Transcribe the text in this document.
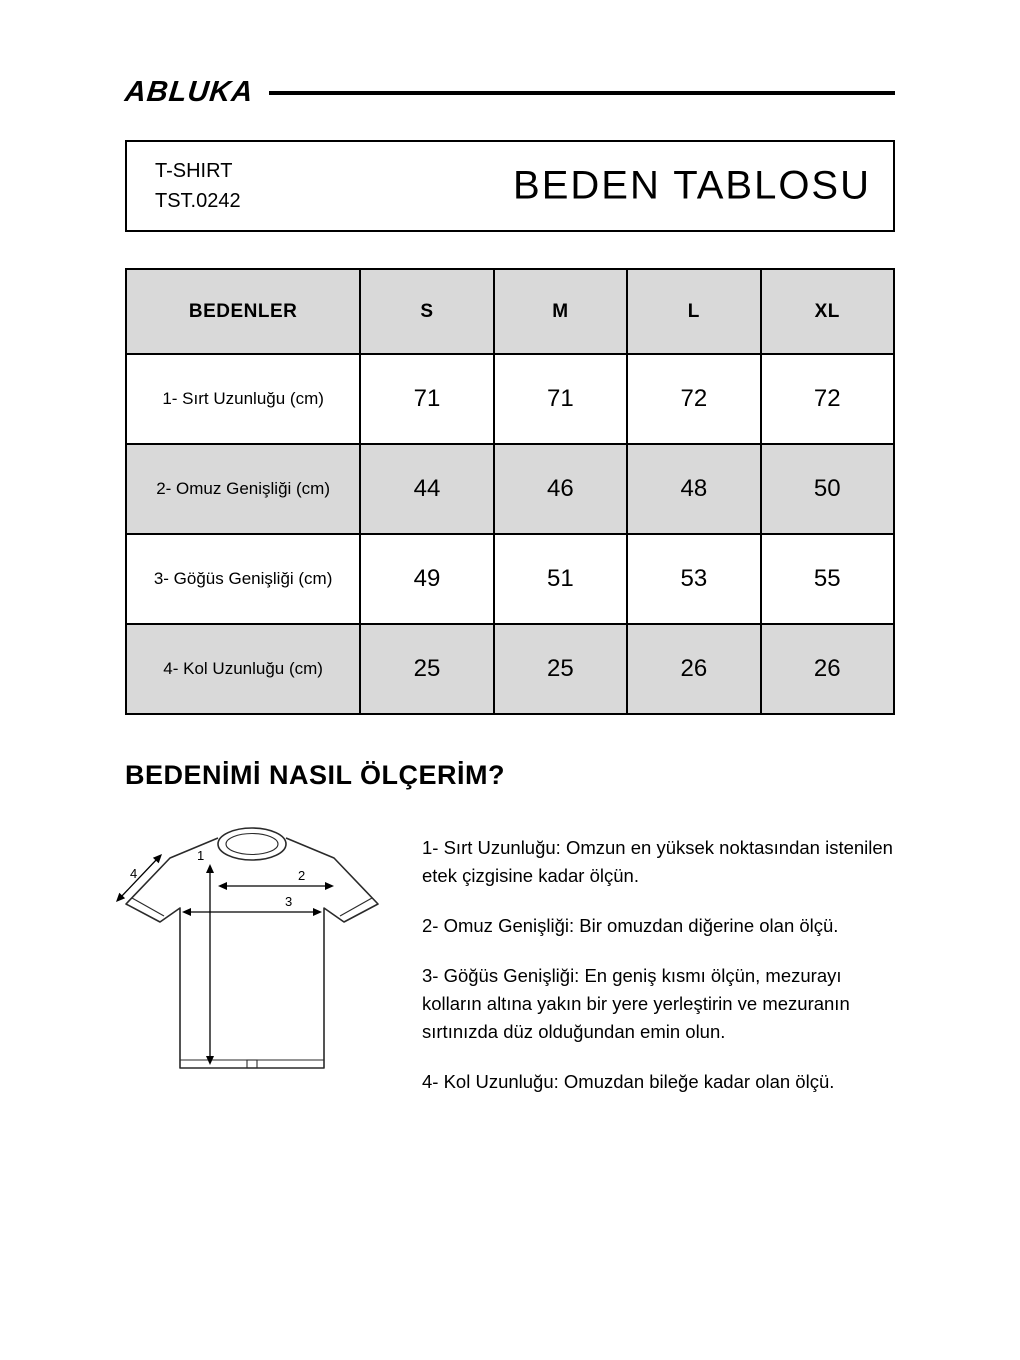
ABLUKA
T-SHIRT
TST.0242	BEDEN TABLOSU
BEDENLER	S	M	L	XL
1- Sırt Uzunluğu (cm)	71	71	72	72
2- Omuz Genişliği (cm)	44	46	48	50
3- Göğüs Genişliği (cm)	49	51	53	55
4- Kol Uzunluğu (cm)	25	25	26	26
BEDENİMİ NASIL ÖLÇERİM?
1
2
3
4

1- Sırt Uzunluğu: Omzun en yüksek noktasından istenilen etek çizgisine kadar ölçün.

2- Omuz Genişliği: Bir omuzdan diğerine olan ölçü.

3- Göğüs Genişliği: En geniş kısmı ölçün, mezurayı kolların altına yakın bir yere yerleştirin ve mezuranın sırtınızda düz olduğundan emin olun.

4- Kol Uzunluğu: Omuzdan bileğe kadar olan ölçü.
